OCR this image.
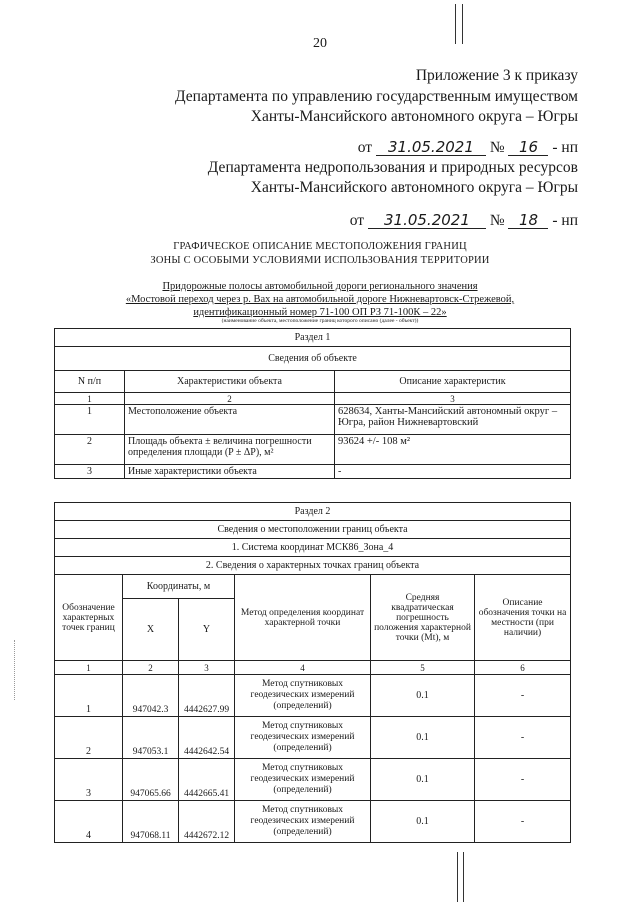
20
Приложение 3 к приказу
Департамента по управлению государственным имуществом
Ханты-Мансийского автономного округа – Югры
от 31.05.2021 № 16 - нп
Департамента недропользования и природных ресурсов
Ханты-Мансийского автономного округа – Югры
от 31.05.2021 № 18 - нп
ГРАФИЧЕСКОЕ ОПИСАНИЕ МЕСТОПОЛОЖЕНИЯ ГРАНИЦ
ЗОНЫ С ОСОБЫМИ УСЛОВИЯМИ ИСПОЛЬЗОВАНИЯ ТЕРРИТОРИИ
Придорожные полосы автомобильной дороги регионального значения
«Мостовой переход через р. Вах на автомобильной дороге Нижневартовск-Стрежевой,
идентификационный номер 71-100 ОП РЗ 71-100К – 22»
(наименование объекта, местоположение границ которого описано (далее - объект))
Раздел 1		
Сведения об объекте		
N п/п	Характеристики объекта	Описание характеристик
1	2	3
1	Местоположение объекта	628634, Ханты-Мансийский автономный округ – Югра, район Нижневартовский
2	Площадь объекта ± величина погрешности определения площади (P ± ΔP), м²	93624 +/- 108 м²
3	Иные характеристики объекта	-
Раздел 2					
Сведения о местоположении границ объекта					
1. Система координат МСК86_Зона_4					
2. Сведения о характерных точках границ объекта					
Обозначение характерных точек границ	Координаты, м		Метод определения координат характерной точки	Средняя квадратическая погрешность положения характерной точки (Мt), м	Описание обозначения точки на местности (при наличии)
	X	Y			
1	2	3	4	5	6
1	947042.3	4442627.99	Метод спутниковых геодезических измерений (определений)	0.1	-
2	947053.1	4442642.54	Метод спутниковых геодезических измерений (определений)	0.1	-
3	947065.66	4442665.41	Метод спутниковых геодезических измерений (определений)	0.1	-
4	947068.11	4442672.12	Метод спутниковых геодезических измерений (определений)	0.1	-
